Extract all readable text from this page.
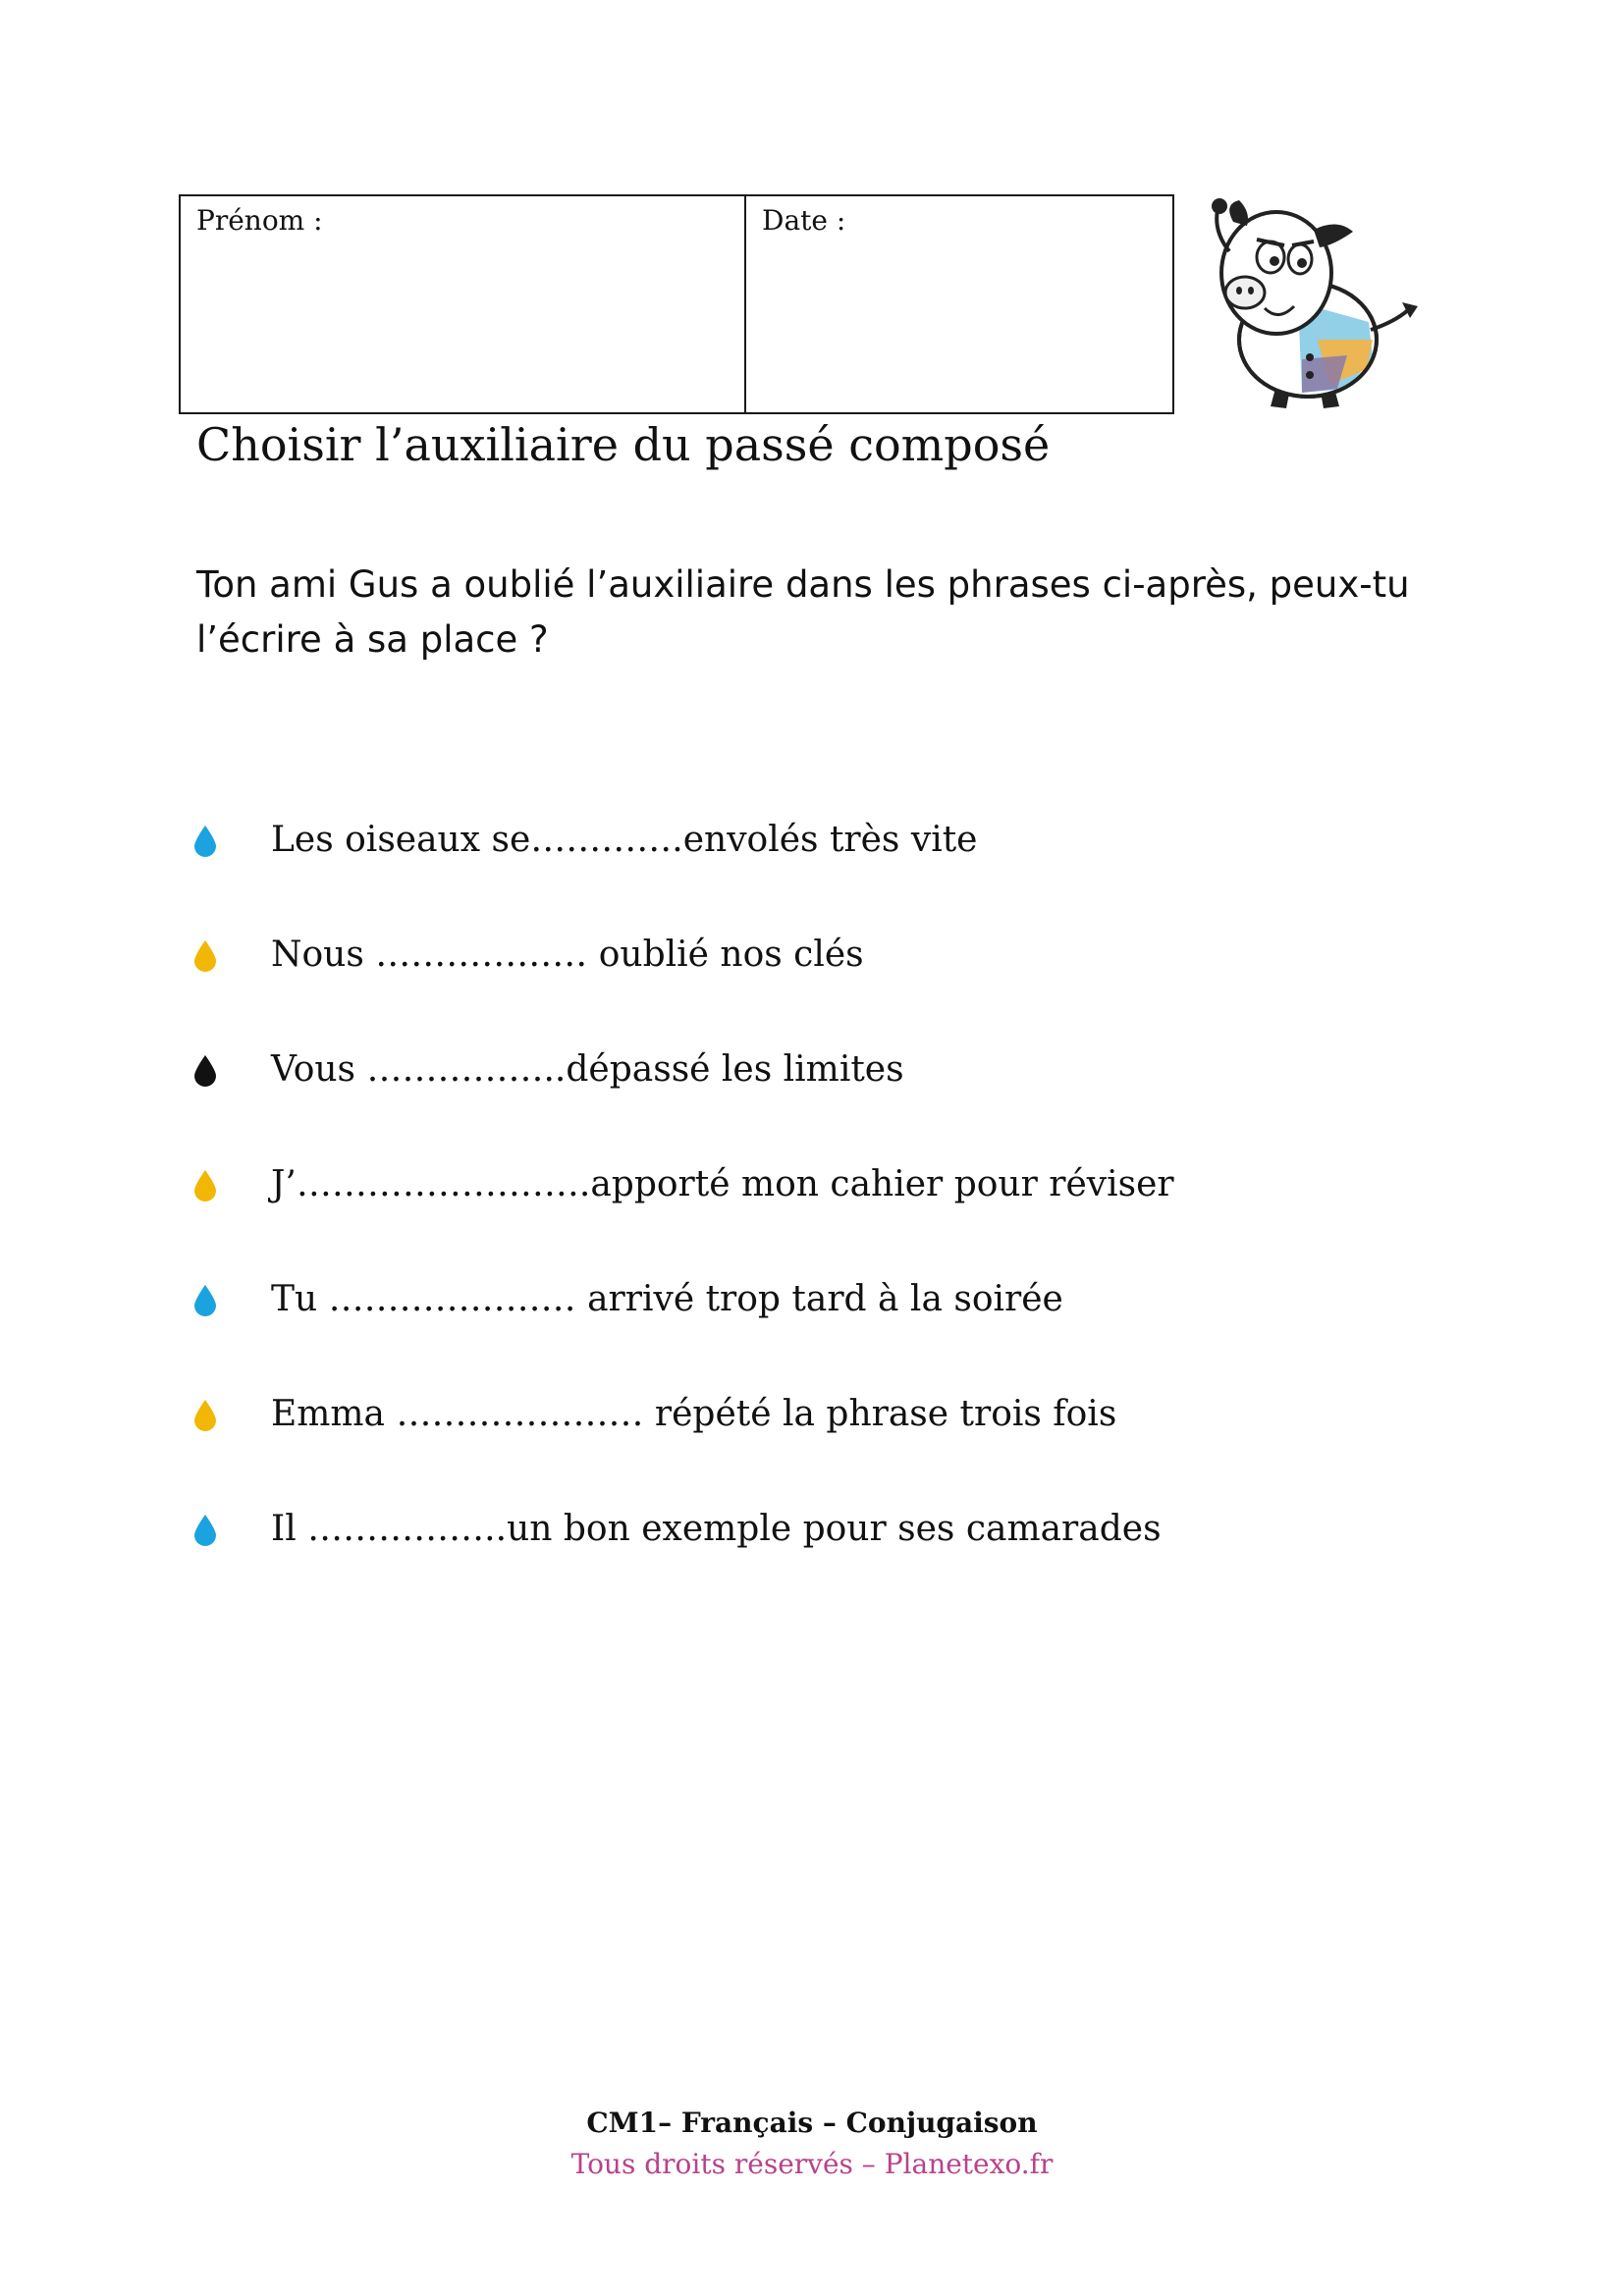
Prénom :	Date :
Choisir l’auxiliaire du passé composé

Ton ami Gus a oublié l’auxiliaire dans les phrases ci-après, peux-tu l’écrire à sa place ?

Les oiseaux se………….envolés très vite
Nous ……………… oublié nos clés
Vous ……………..dépassé les limites
J’…………………….apporté mon cahier pour réviser
Tu ………………… arrivé trop tard à la soirée
Emma ………………… répété la phrase trois fois
Il ……………..un bon exemple pour ses camarades
CM1– Français – Conjugaison
Tous droits réservés – Planetexo.fr
